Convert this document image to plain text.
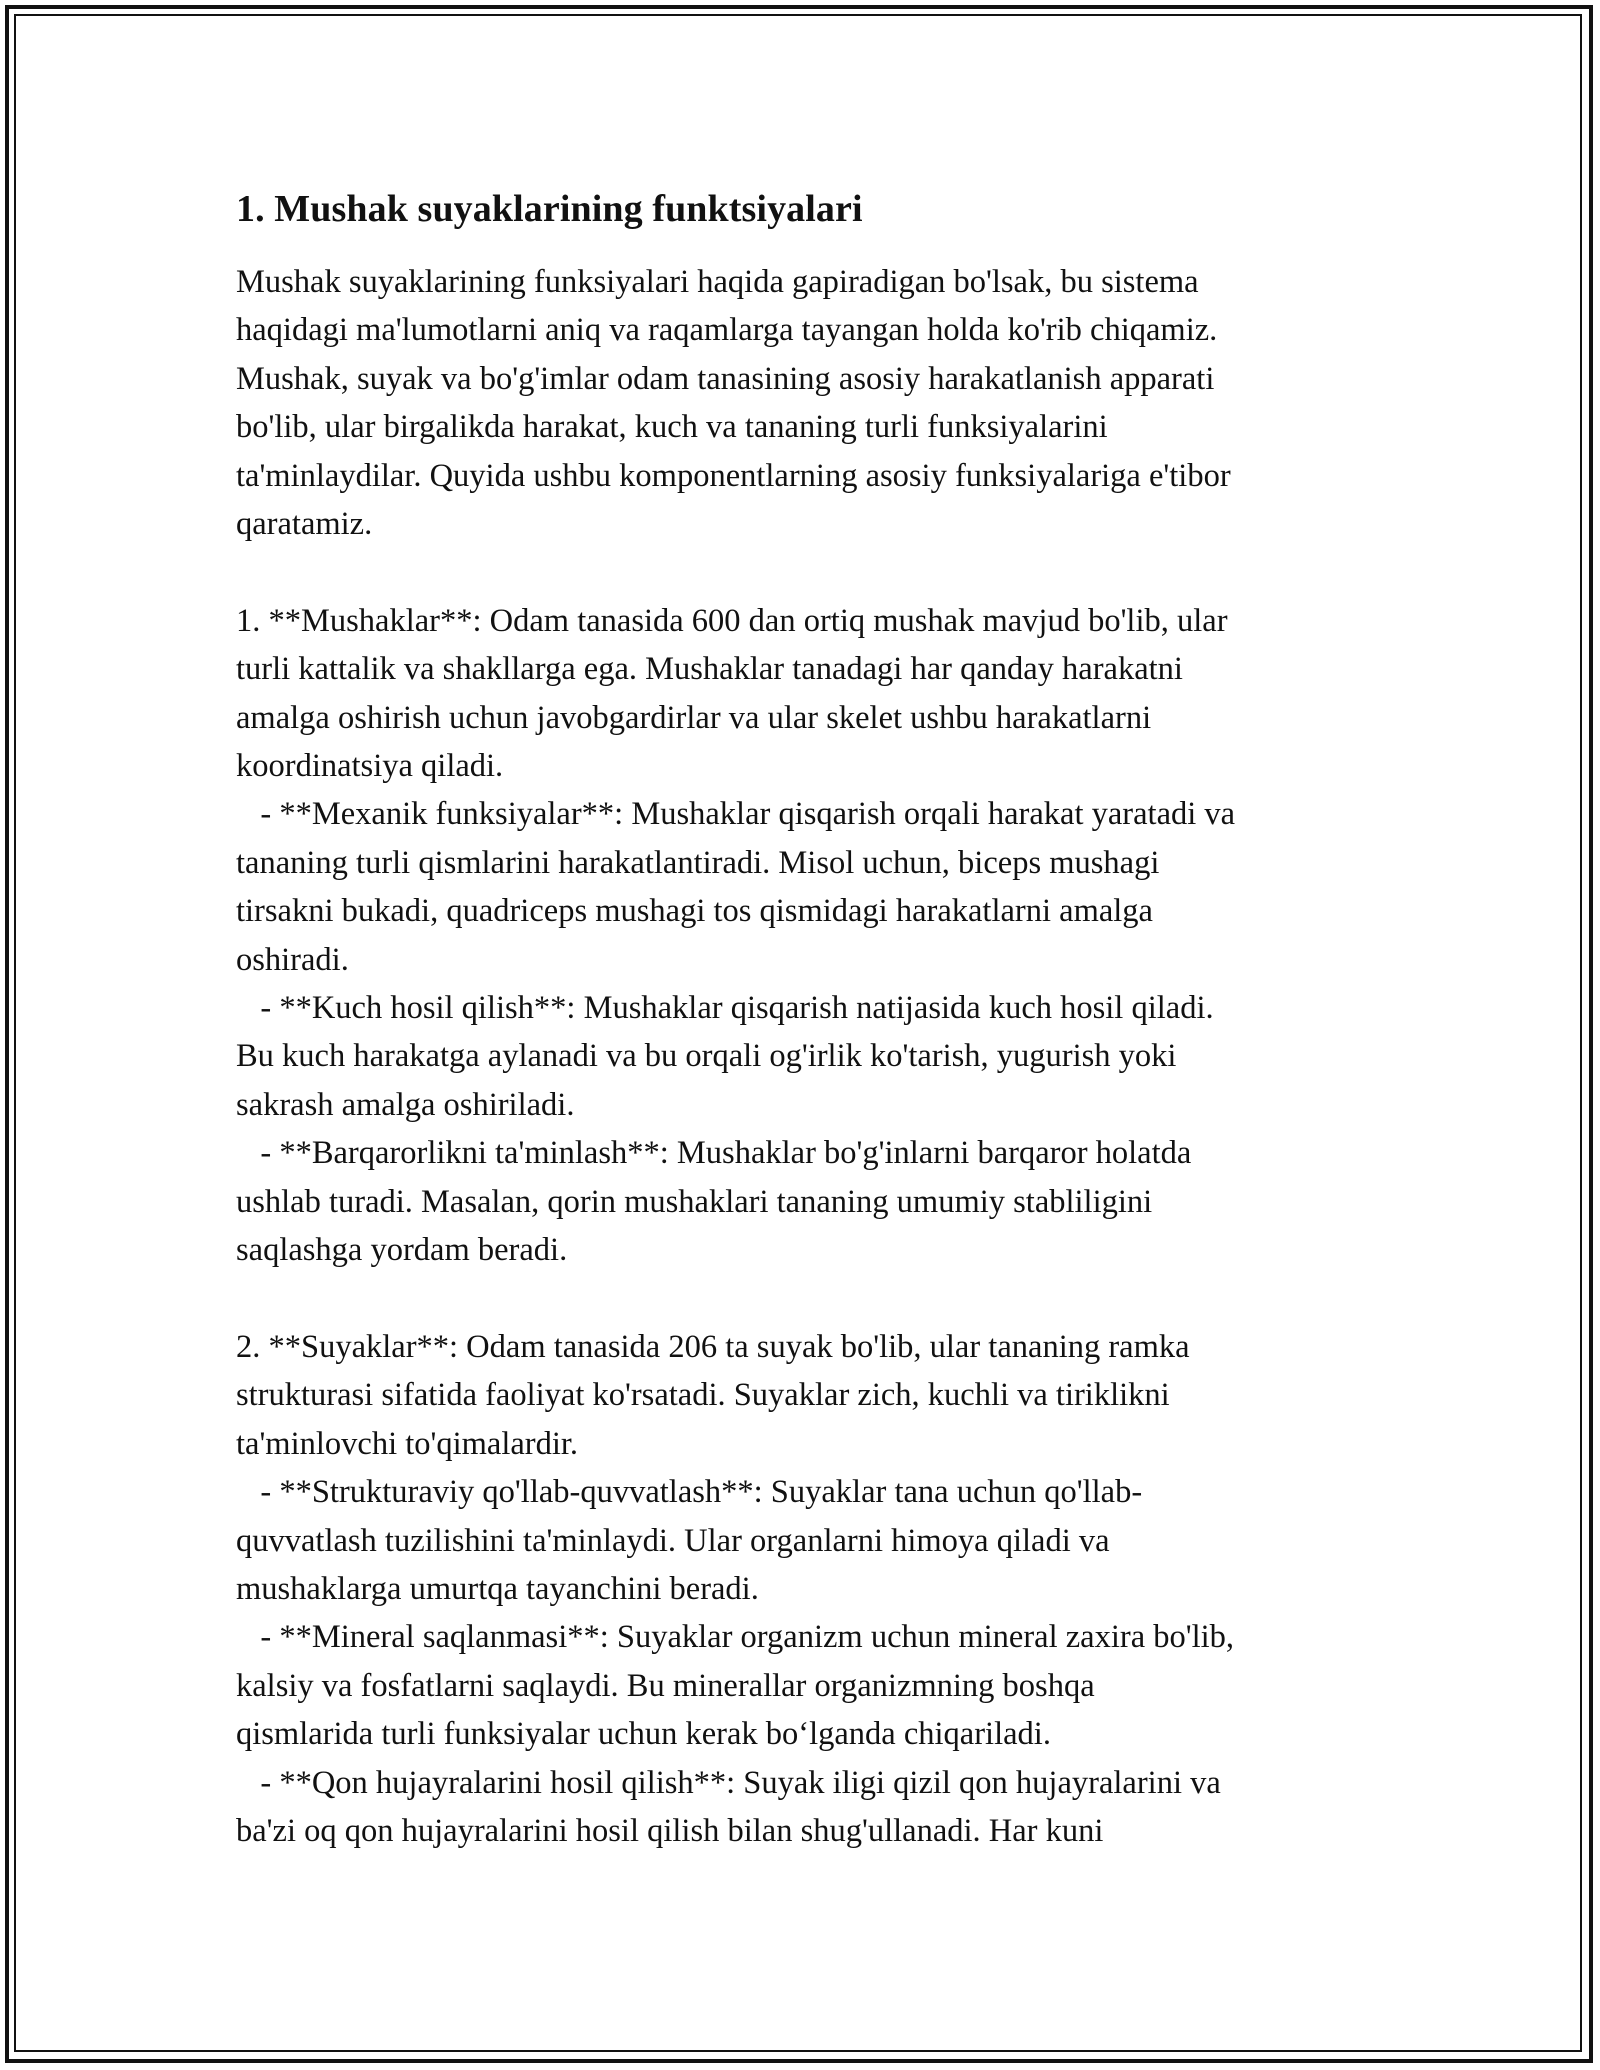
1. Mushak suyaklarining funktsiyalari
Mushak suyaklarining funksiyalari haqida gapiradigan bo'lsak, bu sistema
haqidagi ma'lumotlarni aniq va raqamlarga tayangan holda ko'rib chiqamiz.
Mushak, suyak va bo'g'imlar odam tanasining asosiy harakatlanish apparati
bo'lib, ular birgalikda harakat, kuch va tananing turli funksiyalarini
ta'minlaydilar. Quyida ushbu komponentlarning asosiy funksiyalariga e'tibor
qaratamiz.
1. **Mushaklar**: Odam tanasida 600 dan ortiq mushak mavjud bo'lib, ular
turli kattalik va shakllarga ega. Mushaklar tanadagi har qanday harakatni
amalga oshirish uchun javobgardirlar va ular skelet ushbu harakatlarni
koordinatsiya qiladi.
- **Mexanik funksiyalar**: Mushaklar qisqarish orqali harakat yaratadi va
tananing turli qismlarini harakatlantiradi. Misol uchun, biceps mushagi
tirsakni bukadi, quadriceps mushagi tos qismidagi harakatlarni amalga
oshiradi.
- **Kuch hosil qilish**: Mushaklar qisqarish natijasida kuch hosil qiladi.
Bu kuch harakatga aylanadi va bu orqali og'irlik ko'tarish, yugurish yoki
sakrash amalga oshiriladi.
- **Barqarorlikni ta'minlash**: Mushaklar bo'g'inlarni barqaror holatda
ushlab turadi. Masalan, qorin mushaklari tananing umumiy stabliligini
saqlashga yordam beradi.
2. **Suyaklar**: Odam tanasida 206 ta suyak bo'lib, ular tananing ramka
strukturasi sifatida faoliyat ko'rsatadi. Suyaklar zich, kuchli va tiriklikni
ta'minlovchi to'qimalardir.
- **Strukturaviy qo'llab-quvvatlash**: Suyaklar tana uchun qo'llab-
quvvatlash tuzilishini ta'minlaydi. Ular organlarni himoya qiladi va
mushaklarga umurtqa tayanchini beradi.
- **Mineral saqlanmasi**: Suyaklar organizm uchun mineral zaxira bo'lib,
kalsiy va fosfatlarni saqlaydi. Bu minerallar organizmning boshqa
qismlarida turli funksiyalar uchun kerak bo‘lganda chiqariladi.
- **Qon hujayralarini hosil qilish**: Suyak iligi qizil qon hujayralarini va
ba'zi oq qon hujayralarini hosil qilish bilan shug'ullanadi. Har kuni
